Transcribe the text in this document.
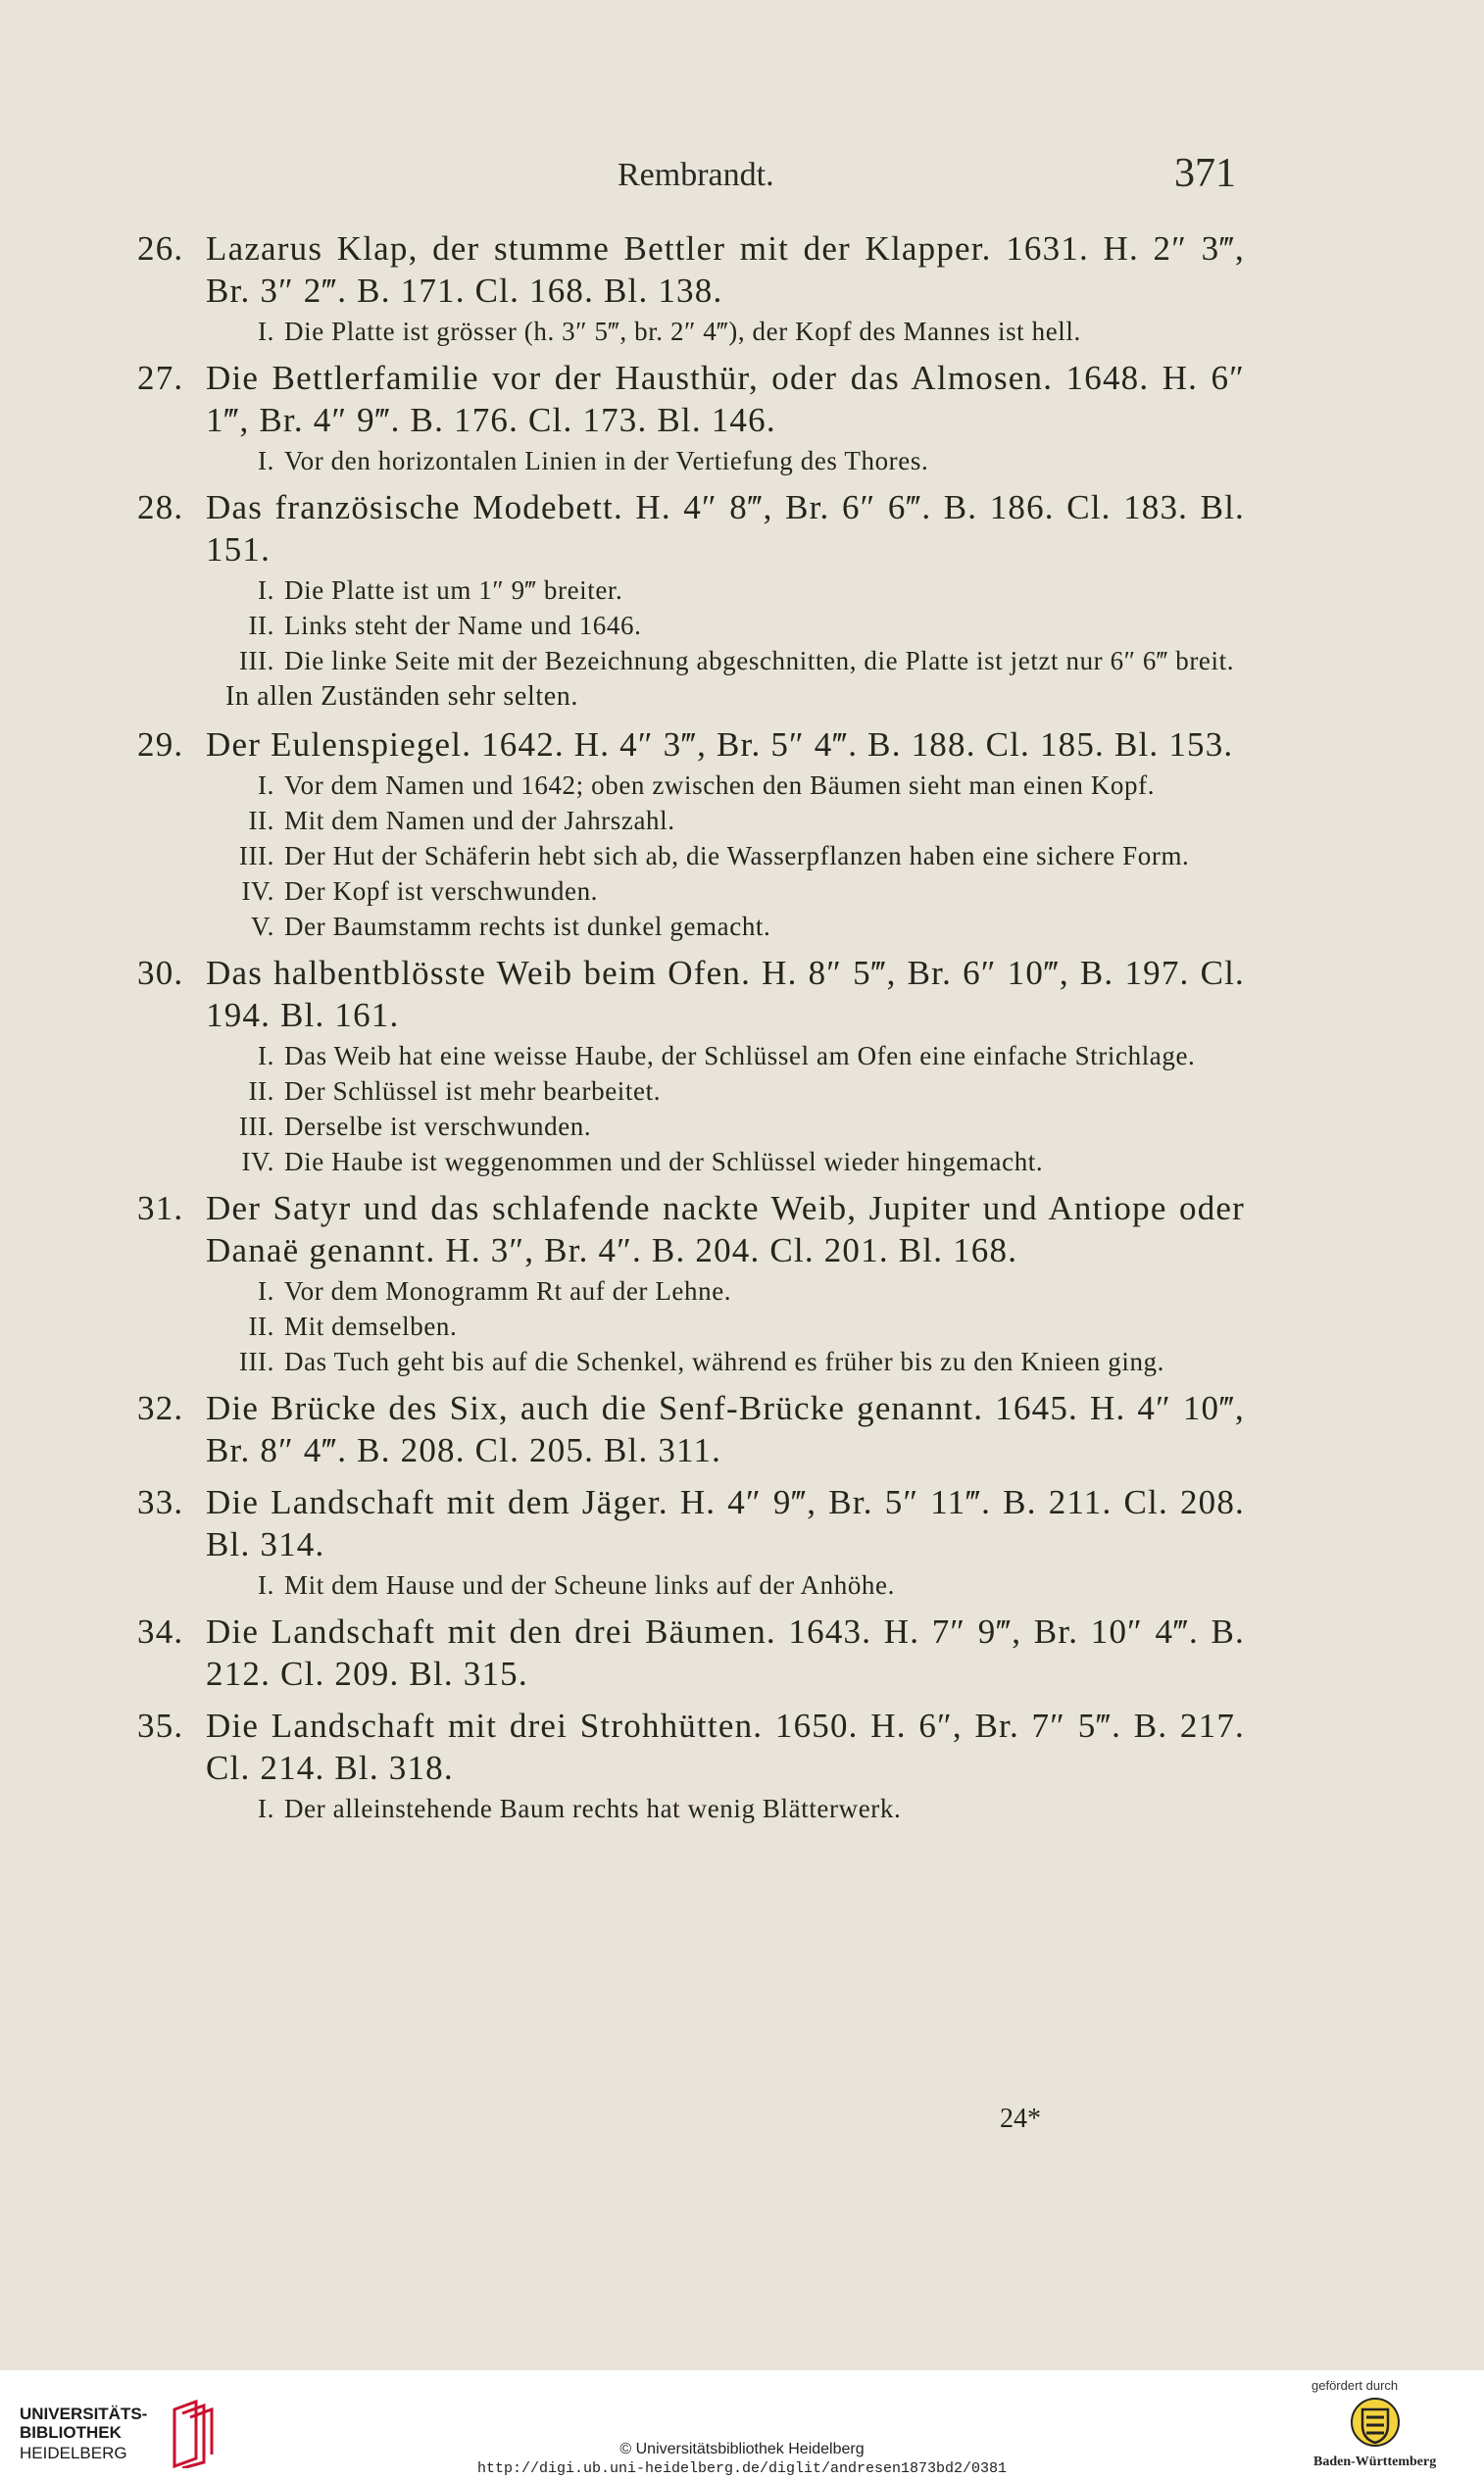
Rembrandt.	371
26. Lazarus Klap, der stumme Bettler mit der Klapper. 1631. H. 2″ 3‴, Br. 3″ 2‴. B. 171. Cl. 168. Bl. 138.
I. Die Platte ist grösser (h. 3″ 5‴, br. 2″ 4‴), der Kopf des Mannes ist hell.
27. Die Bettlerfamilie vor der Hausthür, oder das Almosen. 1648. H. 6″ 1‴, Br. 4″ 9‴. B. 176. Cl. 173. Bl. 146.
I. Vor den horizontalen Linien in der Vertiefung des Thores.
28. Das französische Modebett. H. 4″ 8‴, Br. 6″ 6‴. B. 186. Cl. 183. Bl. 151.
I. Die Platte ist um 1″ 9‴ breiter.
II. Links steht der Name und 1646.
III. Die linke Seite mit der Bezeichnung abgeschnitten, die Platte ist jetzt nur 6″ 6‴ breit.
In allen Zuständen sehr selten.
29. Der Eulenspiegel. 1642. H. 4″ 3‴, Br. 5″ 4‴. B. 188. Cl. 185. Bl. 153.
I. Vor dem Namen und 1642; oben zwischen den Bäumen sieht man einen Kopf.
II. Mit dem Namen und der Jahrszahl.
III. Der Hut der Schäferin hebt sich ab, die Wasserpflanzen haben eine sichere Form.
IV. Der Kopf ist verschwunden.
V. Der Baumstamm rechts ist dunkel gemacht.
30. Das halbentblösste Weib beim Ofen. H. 8″ 5‴, Br. 6″ 10‴, B. 197. Cl. 194. Bl. 161.
I. Das Weib hat eine weisse Haube, der Schlüssel am Ofen eine einfache Strichlage.
II. Der Schlüssel ist mehr bearbeitet.
III. Derselbe ist verschwunden.
IV. Die Haube ist weggenommen und der Schlüssel wieder hingemacht.
31. Der Satyr und das schlafende nackte Weib, Jupiter und Antiope oder Danaë genannt. H. 3″, Br. 4″. B. 204. Cl. 201. Bl. 168.
I. Vor dem Monogramm Rt auf der Lehne.
II. Mit demselben.
III. Das Tuch geht bis auf die Schenkel, während es früher bis zu den Knieen ging.
32. Die Brücke des Six, auch die Senf-Brücke genannt. 1645. H. 4″ 10‴, Br. 8″ 4‴. B. 208. Cl. 205. Bl. 311.
33. Die Landschaft mit dem Jäger. H. 4″ 9‴, Br. 5″ 11‴. B. 211. Cl. 208. Bl. 314.
I. Mit dem Hause und der Scheune links auf der Anhöhe.
34. Die Landschaft mit den drei Bäumen. 1643. H. 7″ 9‴, Br. 10″ 4‴. B. 212. Cl. 209. Bl. 315.
35. Die Landschaft mit drei Strohhütten. 1650. H. 6″, Br. 7″ 5‴. B. 217. Cl. 214. Bl. 318.
I. Der alleinstehende Baum rechts hat wenig Blätterwerk.
24*
UNIVERSITÄTS-
BIBLIOTHEK
HEIDELBERG	© Universitätsbibliothek Heidelberg
http://digi.ub.uni-heidelberg.de/diglit/andresen1873bd2/0381
gefördert durch
Baden-Württemberg
